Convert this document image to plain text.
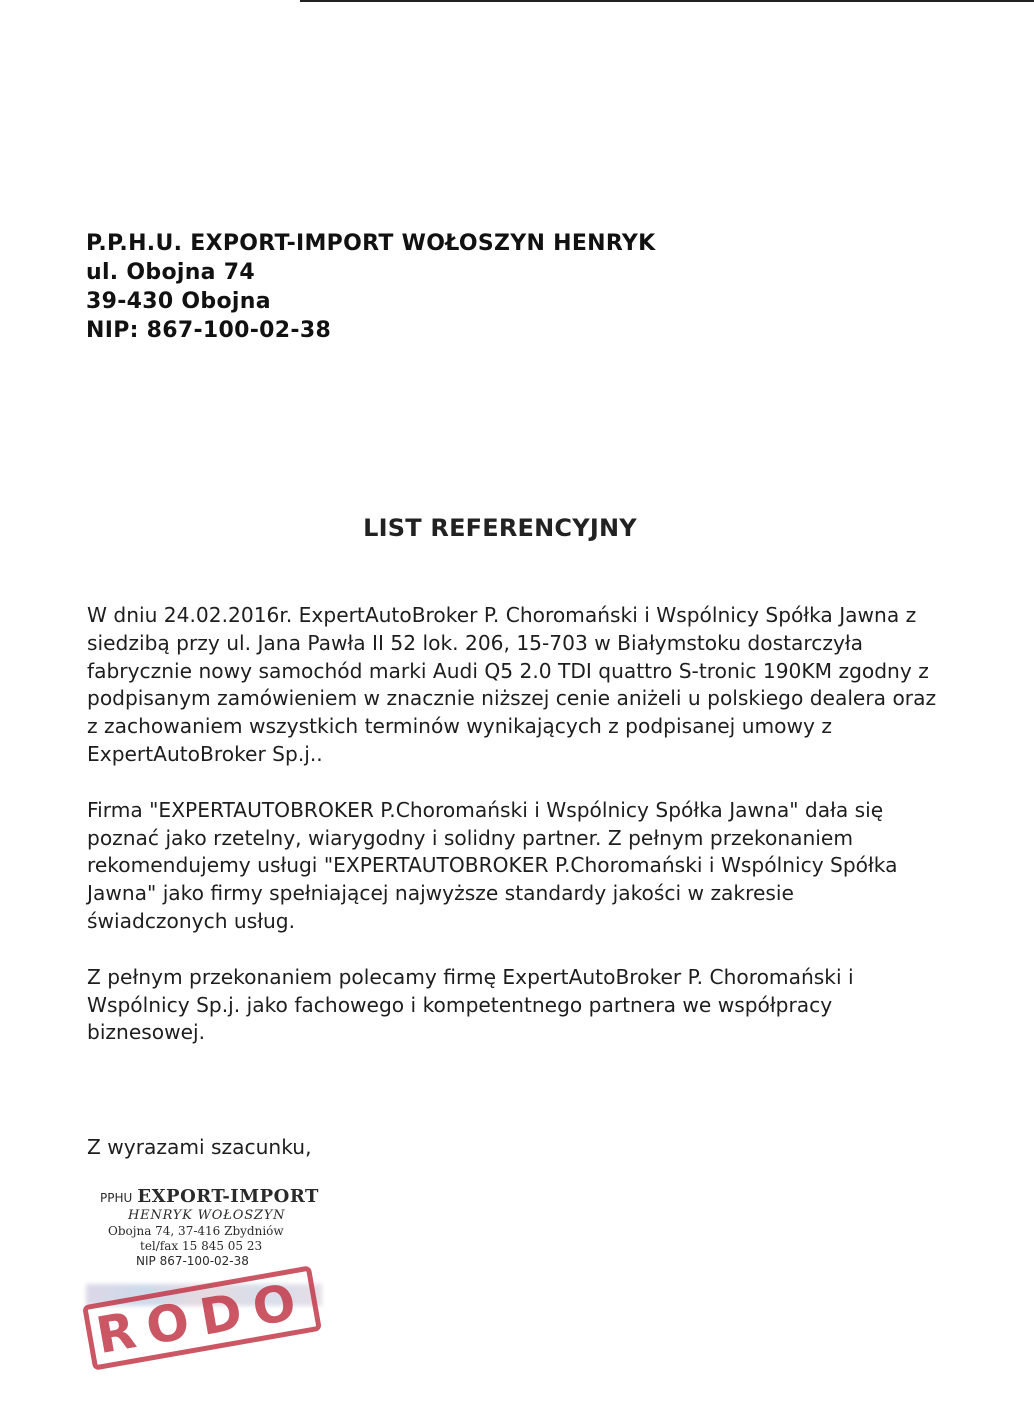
P.P.H.U. EXPORT-IMPORT WOŁOSZYN HENRYK
ul. Obojna 74
39-430 Obojna
NIP: 867-100-02-38
LIST REFERENCYJNY

W dniu 24.02.2016r. ExpertAutoBroker P. Choromański i Wspólnicy Spółka Jawna z siedzibą przy ul. Jana Pawła II 52 lok. 206, 15-703 w Białymstoku dostarczyła fabrycznie nowy samochód marki Audi Q5 2.0 TDI quattro S-tronic 190KM zgodny z podpisanym zamówieniem w znacznie niższej cenie aniżeli u polskiego dealera oraz z zachowaniem wszystkich terminów wynikających z podpisanej umowy z ExpertAutoBroker Sp.j..

Firma "EXPERTAUTOBROKER P.Choromański i Wspólnicy Spółka Jawna" dała się poznać jako rzetelny, wiarygodny i solidny partner. Z pełnym przekonaniem rekomendujemy usługi "EXPERTAUTOBROKER P.Choromański i Wspólnicy Spółka Jawna" jako firmy spełniającej najwyższe standardy jakości w zakresie świadczonych usług.

Z pełnym przekonaniem polecamy firmę ExpertAutoBroker P. Choromański i Wspólnicy Sp.j. jako fachowego i kompetentnego partnera we współpracy biznesowej.

Z wyrazami szacunku,
PPHU EXPORT-IMPORT
HENRYK WOŁOSZYN
Obojna 74, 37-416 Zbydniów
tel/fax 15 845 05 23
NIP 867-100-02-38
RODO
